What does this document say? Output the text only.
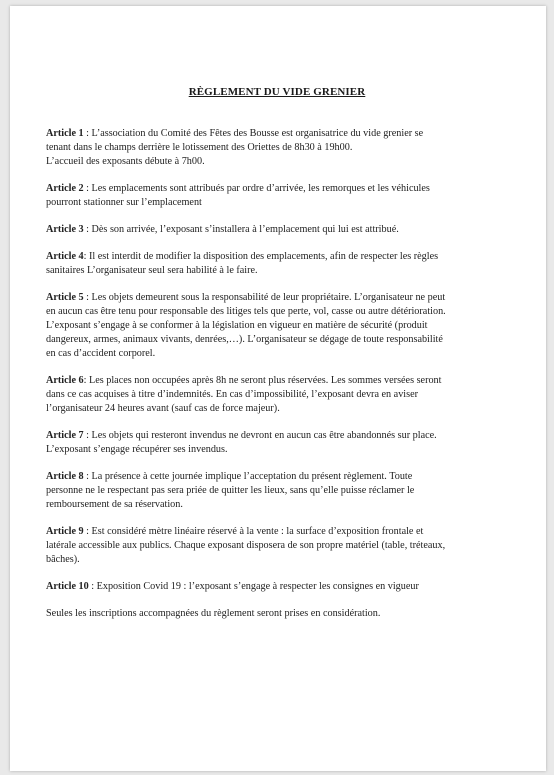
RÈGLEMENT DU VIDE GRENIER
Article 1 : L’association du Comité des Fêtes des Bousse est organisatrice du vide grenier se
tenant dans le champs derrière le lotissement des Oriettes de 8h30 à 19h00.
L’accueil des exposants débute à 7h00.
Article 2 : Les emplacements sont attribués par ordre d’arrivée, les remorques et les véhicules
pourront stationner sur l’emplacement
Article 3 : Dès son arrivée, l’exposant s’installera à l’emplacement qui lui est attribué.
Article 4: Il est interdit de modifier la disposition des emplacements, afin de respecter les règles
sanitaires L’organisateur seul sera habilité à le faire.
Article 5 : Les objets demeurent sous la responsabilité de leur propriétaire. L’organisateur ne peut
en aucun cas être tenu pour responsable des litiges tels que perte, vol, casse ou autre détérioration.
L’exposant s’engage à se conformer à la législation en vigueur en matière de sécurité (produit
dangereux, armes, animaux vivants, denrées,…). L’organisateur se dégage de toute responsabilité
en cas d’accident corporel.
Article 6: Les places non occupées après 8h ne seront plus réservées. Les sommes versées seront
dans ce cas acquises à titre d’indemnités. En cas d’impossibilité, l’exposant devra en aviser
l’organisateur 24 heures avant (sauf cas de force majeur).
Article 7 : Les objets qui resteront invendus ne devront en aucun cas être abandonnés sur place.
L’exposant s’engage récupérer ses invendus.
Article 8 : La présence à cette journée implique l’acceptation du présent règlement. Toute
personne ne le respectant pas sera priée de quitter les lieux, sans qu’elle puisse réclamer le
remboursement de sa réservation.
Article 9 : Est considéré mètre linéaire réservé à la vente : la surface d’exposition frontale et
latérale accessible aux publics. Chaque exposant disposera de son propre matériel (table, tréteaux,
bâches).
Article 10 : Exposition Covid 19 : l’exposant s’engage à respecter les consignes en vigueur
Seules les inscriptions accompagnées du règlement seront prises en considération.
